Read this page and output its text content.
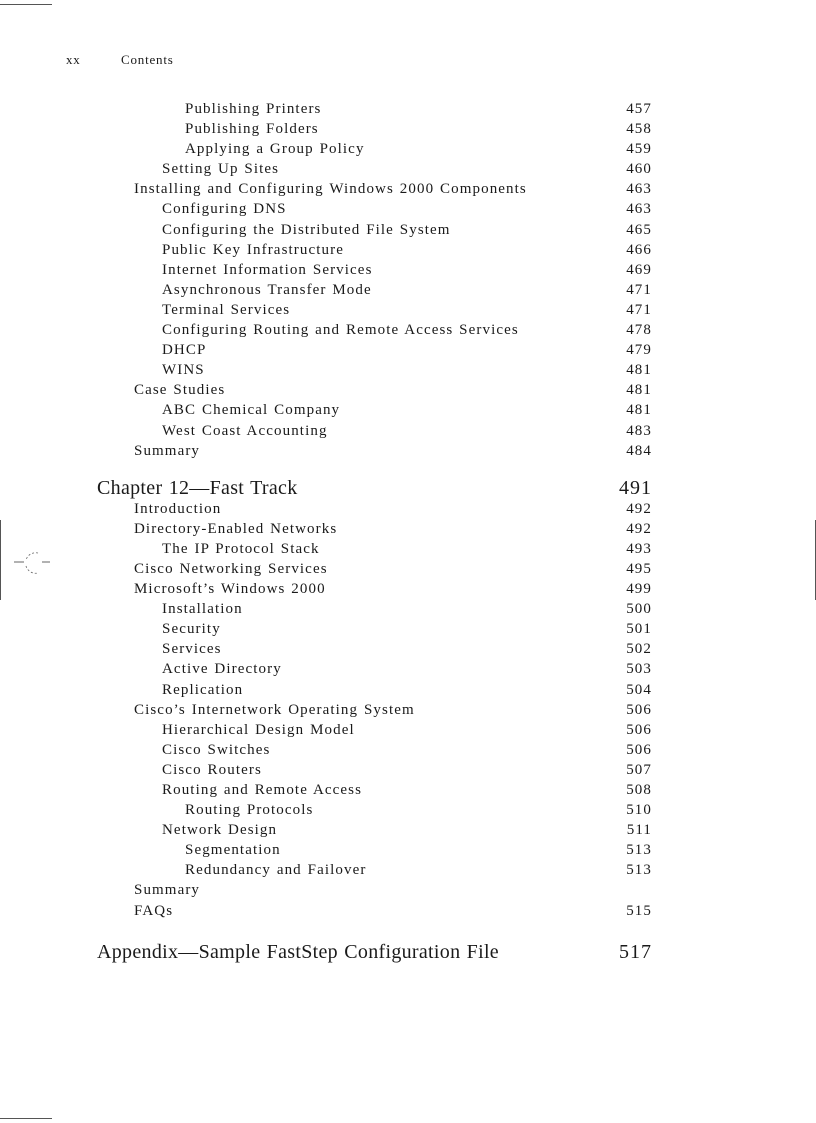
xx	Contents
Publishing Printers	457
Publishing Folders	458
Applying a Group Policy	459
Setting Up Sites	460
Installing and Configuring Windows 2000 Components	463
Configuring DNS	463
Configuring the Distributed File System	465
Public Key Infrastructure	466
Internet Information Services	469
Asynchronous Transfer Mode	471
Terminal Services	471
Configuring Routing and Remote Access Services	478
DHCP	479
WINS	481
Case Studies	481
ABC Chemical Company	481
West Coast Accounting	483
Summary	484
Chapter 12—Fast Track	491
Introduction	492
Directory-Enabled Networks	492
The IP Protocol Stack	493
Cisco Networking Services	495
Microsoft’s Windows 2000	499
Installation	500
Security	501
Services	502
Active Directory	503
Replication	504
Cisco’s Internetwork Operating System	506
Hierarchical Design Model	506
Cisco Switches	506
Cisco Routers	507
Routing and Remote Access	508
Routing Protocols	510
Network Design	511
Segmentation	513
Redundancy and Failover	513
Summary
FAQs	515
Appendix—Sample FastStep Configuration File	517
